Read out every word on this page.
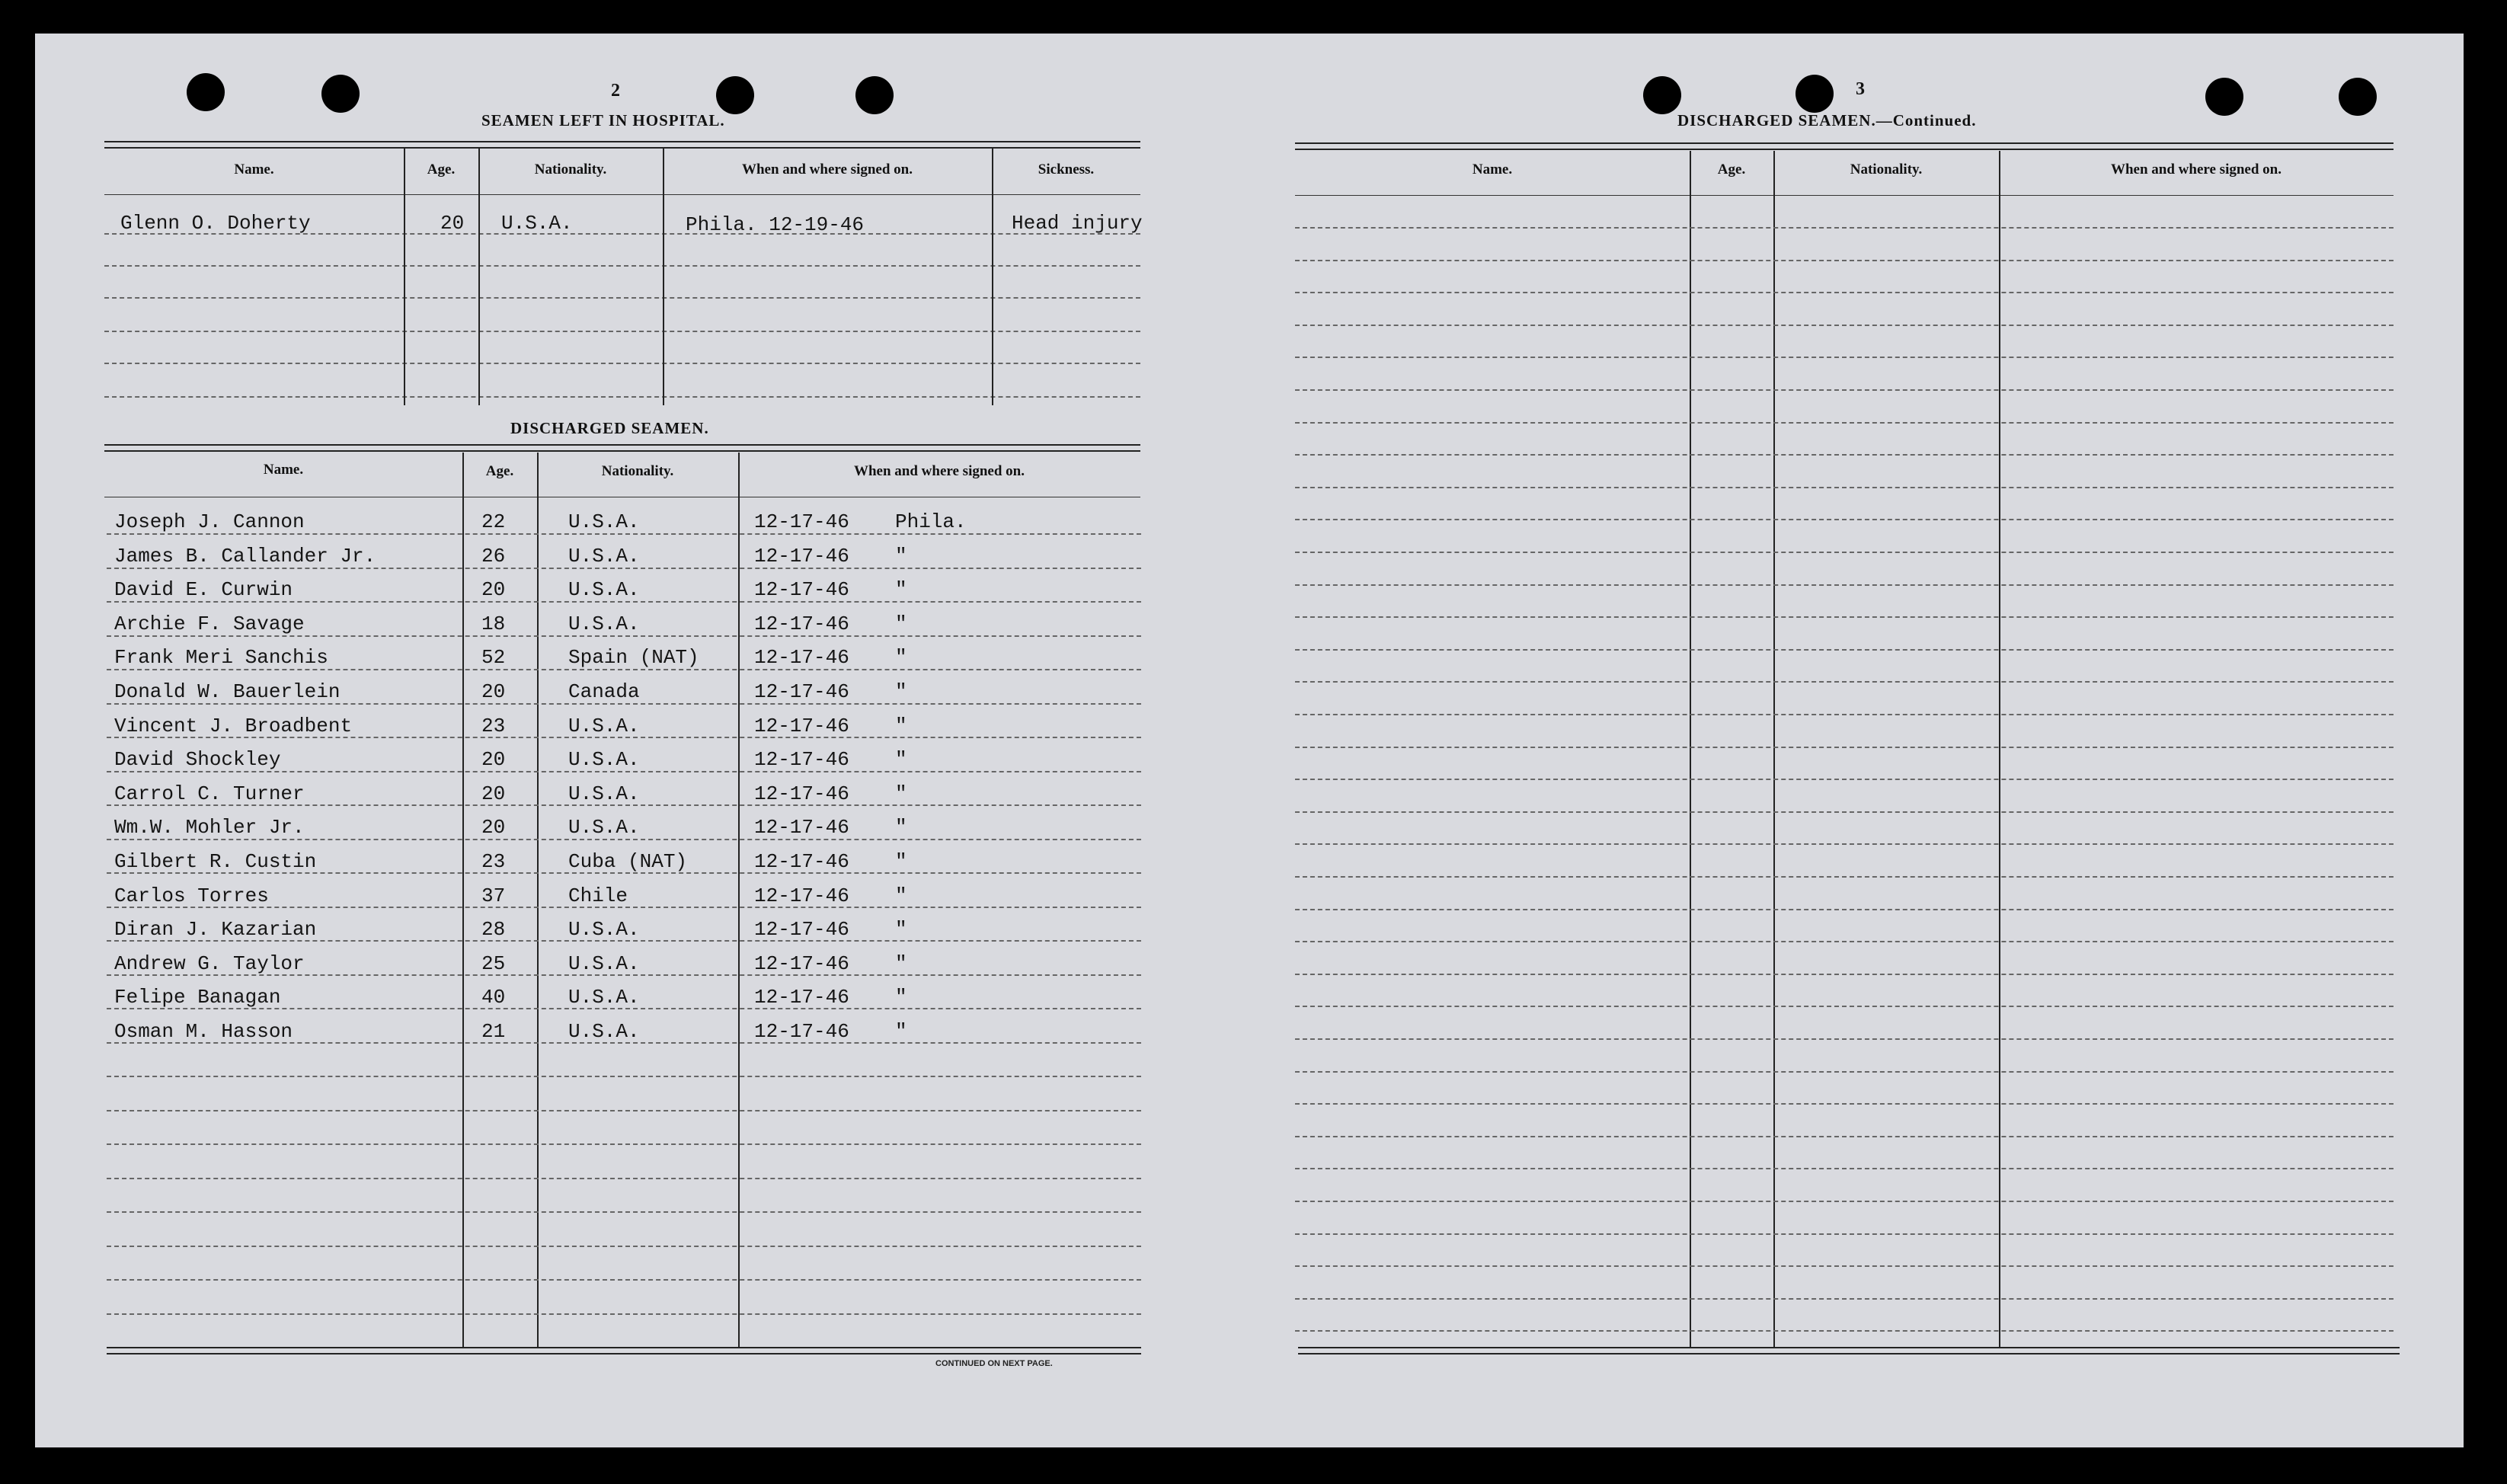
2
SEAMEN LEFT IN HOSPITAL.
Name.	Age.	Nationality.	When and where signed on.	Sickness.
Glenn O. Doherty	20 U.S.A.	Phila. 12-19-46	Head injury
DISCHARGED SEAMEN.
Name.	Age.	Nationality.	When and where signed on.
Joseph J. Cannon	22	U.S.A.	12-17-46 Phila.
James B. Callander Jr.	26	U.S.A.	12-17-46 "
David E. Curwin	20	U.S.A.	12-17-46 "
Archie F. Savage	18	U.S.A.	12-17-46 "
Frank Meri Sanchis	52	Spain (NAT)	12-17-46 "
Donald W. Bauerlein	20	Canada	12-17-46 "
Vincent J. Broadbent	23	U.S.A.	12-17-46 "
David Shockley	20	U.S.A.	12-17-46 "
Carrol C. Turner	20	U.S.A.	12-17-46 "
Wm.W. Mohler Jr.	20	U.S.A.	12-17-46 "
Gilbert R. Custin	23	Cuba (NAT)	12-17-46 "
Carlos Torres	37	Chile	12-17-46 "
Diran J. Kazarian	28	U.S.A.	12-17-46 "
Andrew G. Taylor	25	U.S.A.	12-17-46 "
Felipe Banagan	40	U.S.A.	12-17-46 "
Osman M. Hasson	21	U.S.A.	12-17-46 "
CONTINUED ON NEXT PAGE.
3
DISCHARGED SEAMEN.—Continued.
Name.	Age.	Nationality.	When and where signed on.
